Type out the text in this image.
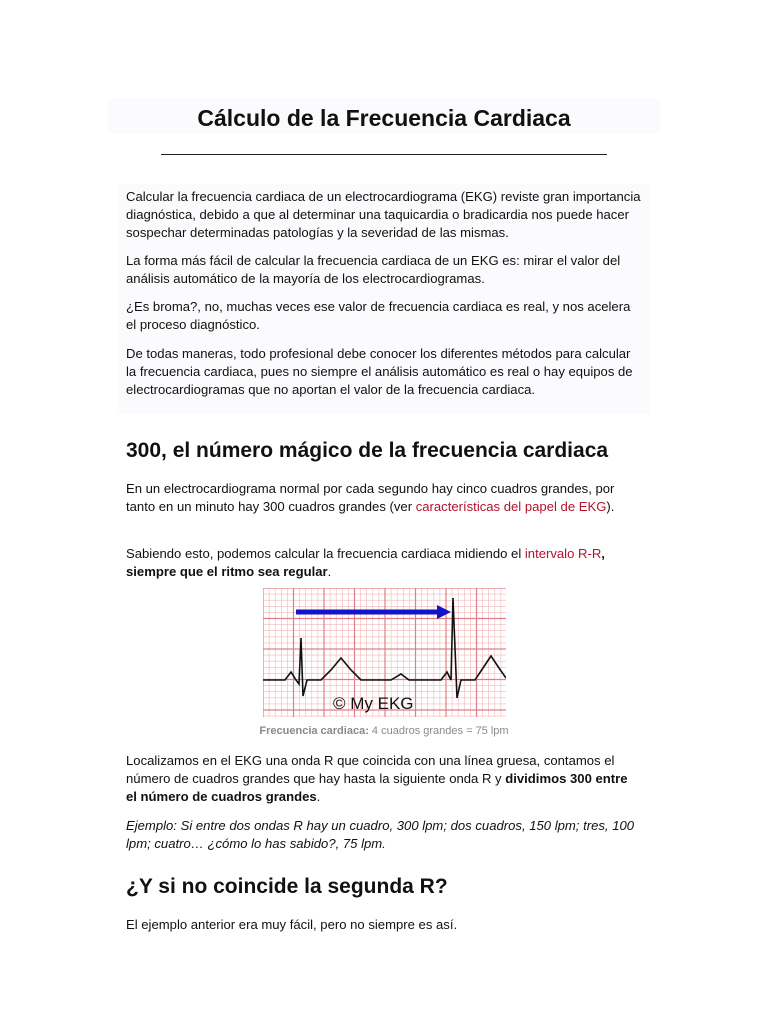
Cálculo de la Frecuencia Cardiaca

Calcular la frecuencia cardiaca de un electrocardiograma (EKG) reviste gran importancia diagnóstica, debido a que al determinar una taquicardia o bradicardia nos puede hacer sospechar determinadas patologías y la severidad de las mismas.

La forma más fácil de calcular la frecuencia cardiaca de un EKG es: mirar el valor del análisis automático de la mayoría de los electrocardiogramas.

¿Es broma?, no, muchas veces ese valor de frecuencia cardiaca es real, y nos acelera el proceso diagnóstico.

De todas maneras, todo profesional debe conocer los diferentes métodos para calcular la frecuencia cardiaca, pues no siempre el análisis automático es real o hay equipos de electrocardiogramas que no aportan el valor de la frecuencia cardiaca.

300, el número mágico de la frecuencia cardiaca

En un electrocardiograma normal por cada segundo hay cinco cuadros grandes, por tanto en un minuto hay 300 cuadros grandes (ver características del papel de EKG).

Sabiendo esto, podemos calcular la frecuencia cardiaca midiendo el intervalo R-R, siempre que el ritmo sea regular.

© My EKG
Frecuencia cardiaca: 4 cuadros grandes = 75 lpm

Localizamos en el EKG una onda R que coincida con una línea gruesa, contamos el número de cuadros grandes que hay hasta la siguiente onda R y dividimos 300 entre el número de cuadros grandes.

Ejemplo: Si entre dos ondas R hay un cuadro, 300 lpm; dos cuadros, 150 lpm; tres, 100 lpm; cuatro… ¿cómo lo has sabido?, 75 lpm.

¿Y si no coincide la segunda R?

El ejemplo anterior era muy fácil, pero no siempre es así.
